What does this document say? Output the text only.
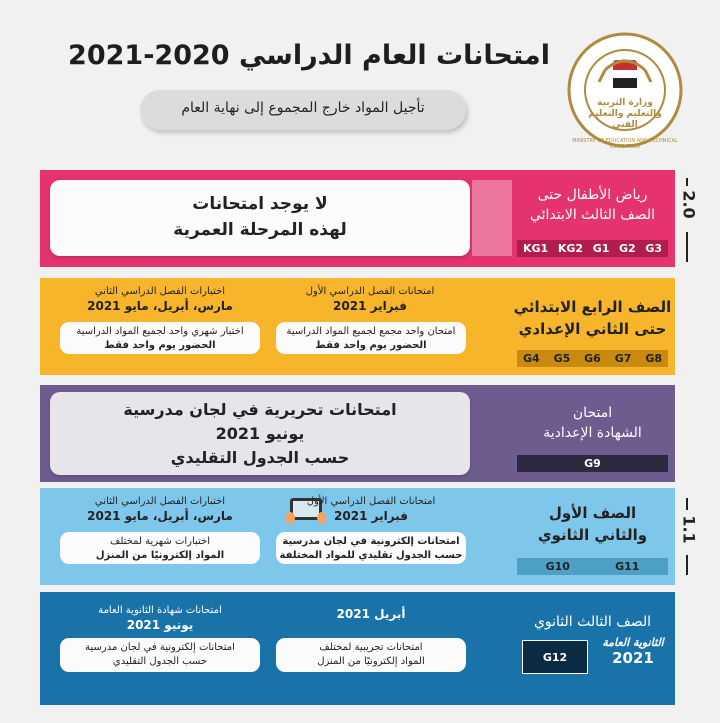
امتحانات العام الدراسي 2020-2021
تأجيل المواد خارج المجموع إلى نهاية العام	وزارة التربية والتعليم والتعليم الفني
MINISTRY OF EDUCATION AND TECHNICAL EDUCATION
2.0
1.1
لا يوجد امتحانات
لهذه المرحلة العمرية
رياض الأطفال حتى الصف الثالث الابتدائي
KG1 KG2 G1 G2 G3
امتحانات الفصل الدراسي الأول
فبراير 2021
اختبارات الفصل الدراسي الثاني
مارس، أبريل، مايو 2021
امتحان واحد مجمع لجميع المواد الدراسية
الحضور يوم واحد فقط
اختبار شهري واحد لجميع المواد الدراسية
الحضور يوم واحد فقط
الصف الرابع الابتدائي
حتى الثاني الإعدادي
G4 G5 G6 G7 G8
امتحانات تحريرية في لجان مدرسية
يونيو 2021
حسب الجدول التقليدي
امتحان
الشهادة الإعدادية
G9
امتحانات الفصل الدراسي الأول
فبراير 2021
اختبارات الفصل الدراسي الثاني
مارس، أبريل، مايو 2021
امتحانات إلكترونية في لجان مدرسية
حسب الجدول تقليدي للمواد المختلفة
اختبارات شهرية لمختلف
المواد إلكترونيًا من المنزل
الصف الأول
والثاني الثانوي
G10	G11
أبريل 2021
امتحانات شهادة الثانوية العامة
يونيو 2021
امتحانات تجريبية لمختلف
المواد إلكترونيًا من المنزل
امتحانات إلكترونية في لجان مدرسية
حسب الجدول التقليدي
الصف الثالث الثانوي
G12
الثانوية العامة
2021
